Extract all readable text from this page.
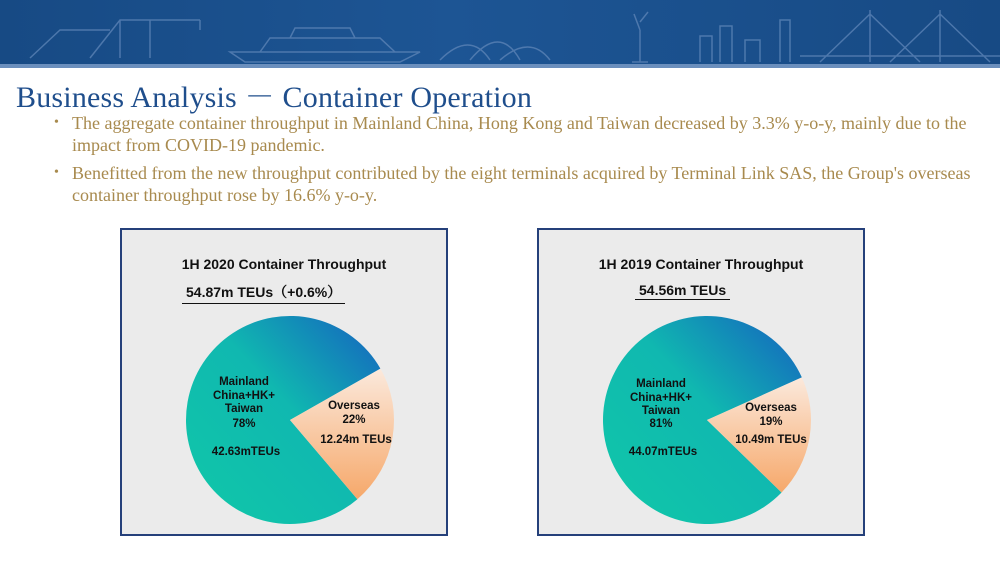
Business Analysis － Container Operation
• The aggregate container throughput in Mainland China, Hong Kong and Taiwan decreased by 3.3% y-o-y, mainly due to the impact from COVID-19 pandemic.
• Benefitted from the new throughput contributed by the eight terminals acquired by Terminal Link SAS, the Group's overseas container throughput rose by 16.6% y-o-y.
1H 2020 Container Throughput
54.87m TEUs（+0.6%）
Mainland China+HK+ Taiwan
78%
42.63mTEUs
Overseas
22%
12.24m TEUs
1H 2019 Container Throughput
54.56m TEUs
Mainland China+HK+ Taiwan
81%
44.07mTEUs
Overseas
19%
10.49m TEUs
